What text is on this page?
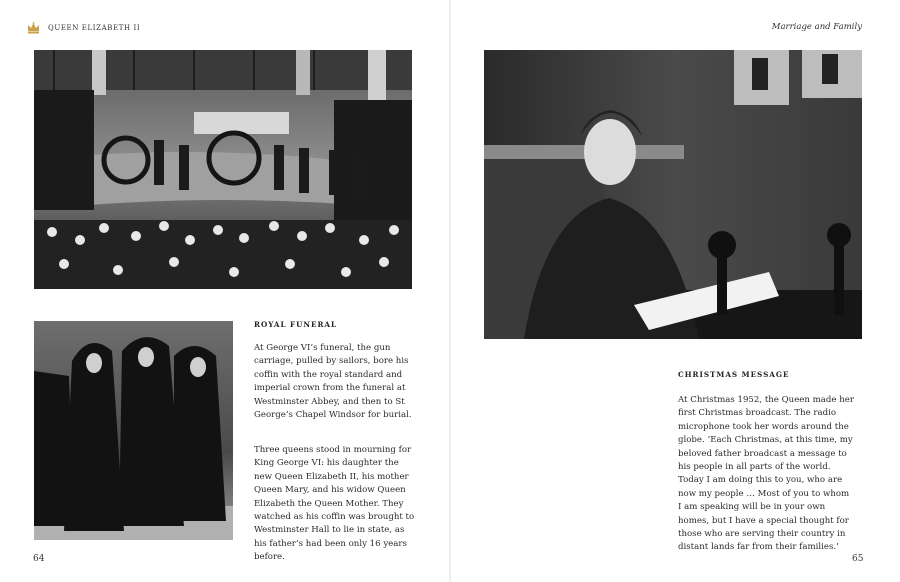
QUEEN ELIZABETH II	Marriage and Family
ROYAL FUNERAL

At George VI’s funeral, the gun carriage, pulled by sailors, bore his coffin with the royal standard and imperial crown from the funeral at Westminster Abbey, and then to St George’s Chapel Windsor for burial.

Three queens stood in mourning for King George VI: his daughter the new Queen Elizabeth II, his mother Queen Mary, and his widow Queen Elizabeth the Queen Mother. They watched as his coffin was brought to Westminster Hall to lie in state, as his father’s had been only 16 years before.

CHRISTMAS MESSAGE

At Christmas 1952, the Queen made her first Christmas broadcast. The radio microphone took her words around the globe. ‘Each Christmas, at this time, my beloved father broadcast a message to his people in all parts of the world. Today I am doing this to you, who are now my people … Most of you to whom I am speaking will be in your own homes, but I have a special thought for those who are serving their country in distant lands far from their families.’

64	65
